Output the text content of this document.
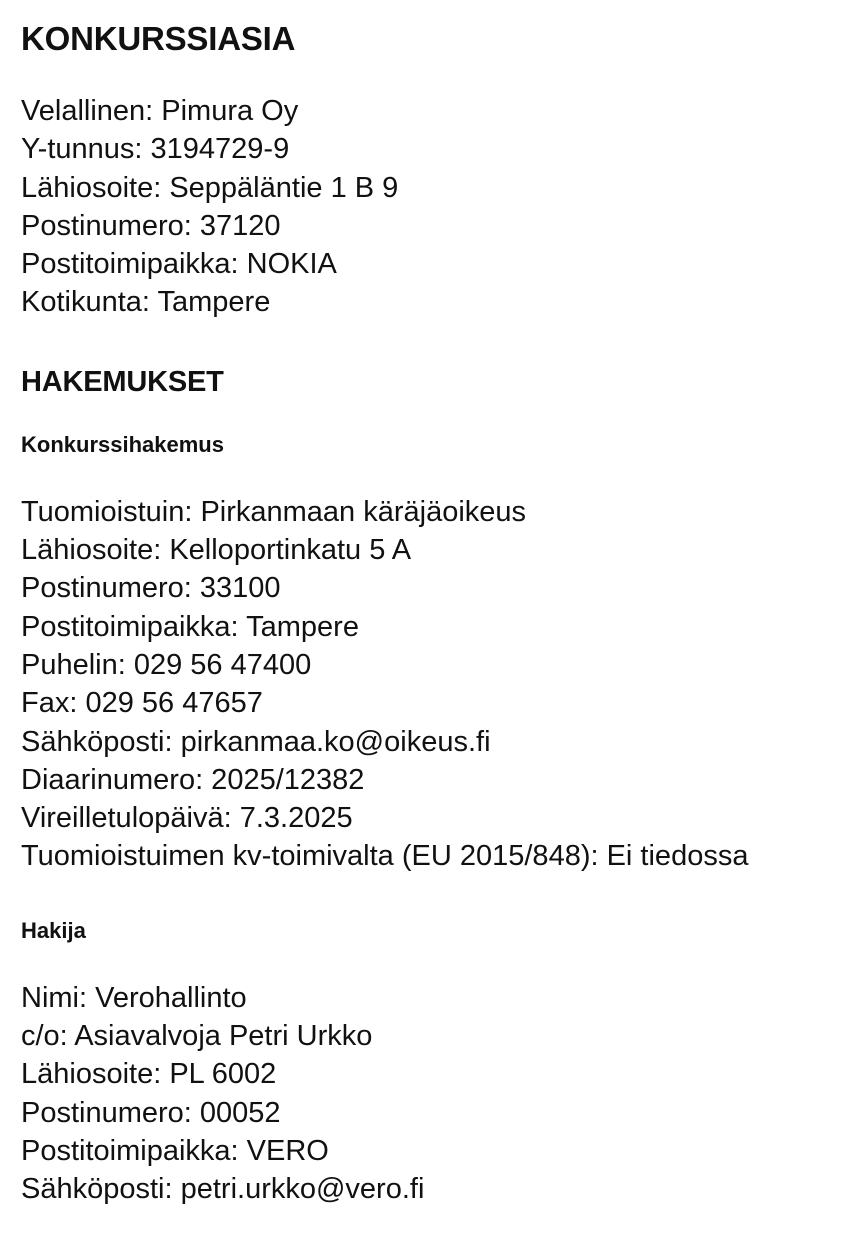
KONKURSSIASIA
Velallinen: Pimura Oy
Y-tunnus: 3194729-9
Lähiosoite: Seppäläntie 1 B 9
Postinumero: 37120
Postitoimipaikka: NOKIA
Kotikunta: Tampere
HAKEMUKSET
Konkurssihakemus
Tuomioistuin: Pirkanmaan käräjäoikeus
Lähiosoite: Kelloportinkatu 5 A
Postinumero: 33100
Postitoimipaikka: Tampere
Puhelin: 029 56 47400
Fax: 029 56 47657
Sähköposti: pirkanmaa.ko@oikeus.fi
Diaarinumero: 2025/12382
Vireilletulopäivä: 7.3.2025
Tuomioistuimen kv-toimivalta (EU 2015/848): Ei tiedossa
Hakija
Nimi: Verohallinto
c/o: Asiavalvoja Petri Urkko
Lähiosoite: PL 6002
Postinumero: 00052
Postitoimipaikka: VERO
Sähköposti: petri.urkko@vero.fi
